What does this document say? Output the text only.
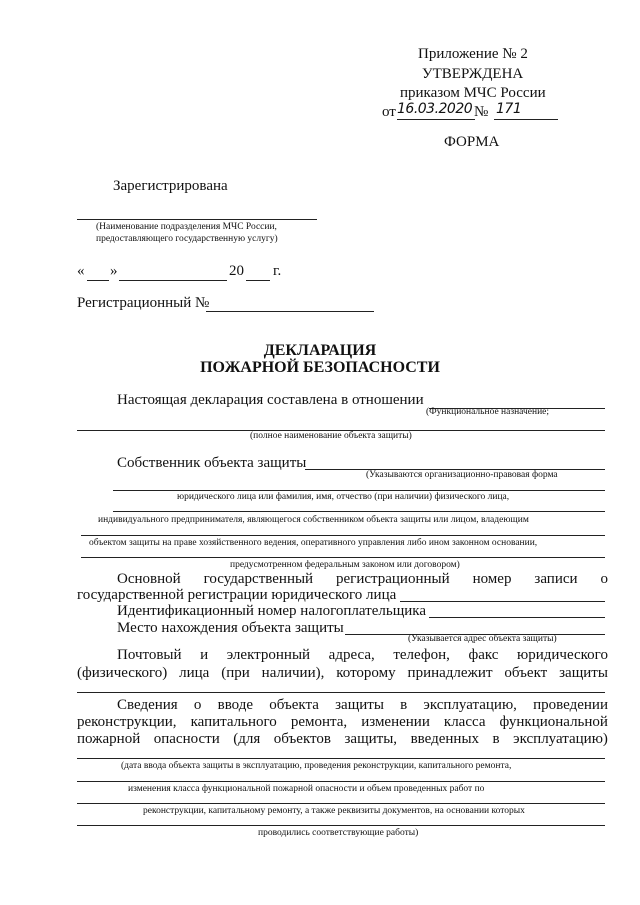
Приложение № 2
УТВЕРЖДЕНА
приказом МЧС России
от 16.03.2020 № 171
ФОРМА
Зарегистрирована
(Наименование подразделения МЧС России,
предоставляющего государственную услугу)
« »	20 г.
Регистрационный №
ДЕКЛАРАЦИЯ
ПОЖАРНОЙ БЕЗОПАСНОСТИ
Настоящая декларация составлена в отношении
(Функциональное назначение;
(полное наименование объекта защиты)
Собственник объекта защиты
(Указываются организационно-правовая форма
юридического лица или фамилия, имя, отчество (при наличии) физического лица,
индивидуального предпринимателя, являющегося собственником объекта защиты или лицом, владеющим
объектом защиты на праве хозяйственного ведения, оперативного управления либо ином законном основании,
предусмотренном федеральным законом или договором)
Основной государственный регистрационный номер записи о
государственной регистрации юридического лица
Идентификационный номер налогоплательщика
Место нахождения объекта защиты
(Указывается адрес объекта защиты)
Почтовый и электронный адреса, телефон, факс юридического
(физического) лица (при наличии), которому принадлежит объект защиты
Сведения о вводе объекта защиты в эксплуатацию, проведении
реконструкции, капитального ремонта, изменении класса функциональной
пожарной опасности (для объектов защиты, введенных в эксплуатацию)
(дата ввода объекта защиты в эксплуатацию, проведения реконструкции, капитального ремонта,
изменения класса функциональной пожарной опасности и объем проведенных работ по
реконструкции, капитальному ремонту, а также реквизиты документов, на основании которых
проводились соответствующие работы)
